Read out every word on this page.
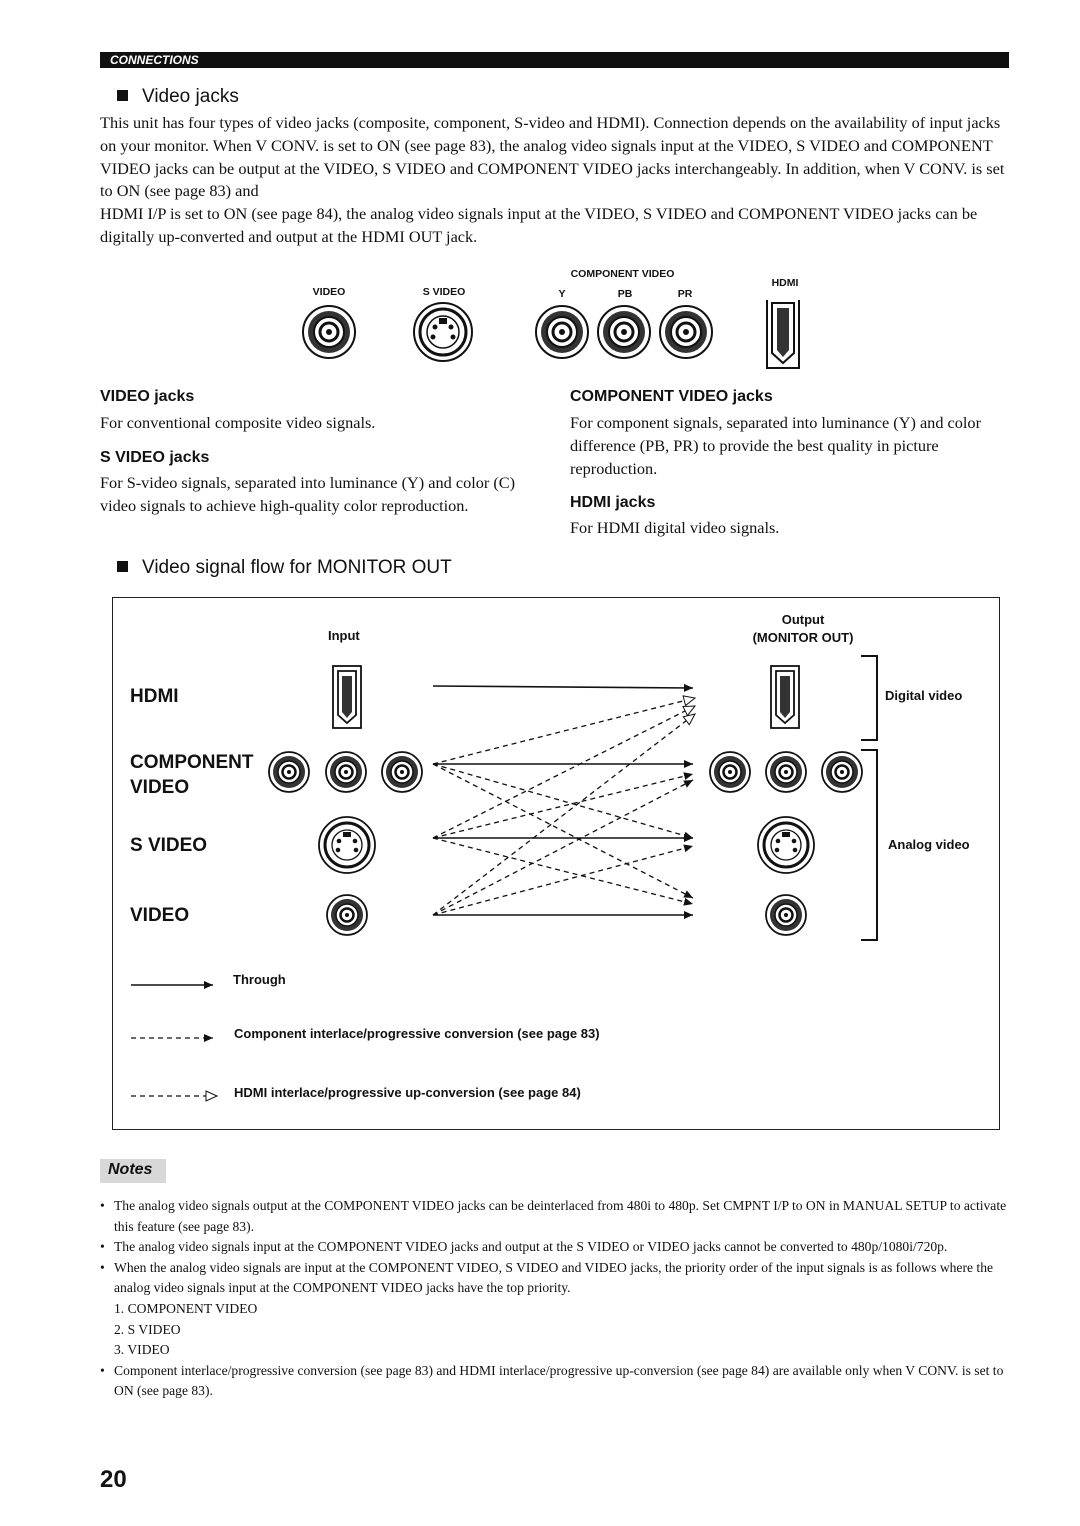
CONNECTIONS
Video jacks

This unit has four types of video jacks (composite, component, S-video and HDMI). Connection depends on the availability of input jacks on your monitor. When V CONV. is set to ON (see page 83), the analog video signals input at the VIDEO, S VIDEO and COMPONENT VIDEO jacks can be output at the VIDEO, S VIDEO and COMPONENT VIDEO jacks interchangeably. In addition, when V CONV. is set to ON (see page 83) and

HDMI I/P is set to ON (see page 84), the analog video signals input at the VIDEO, S VIDEO and COMPONENT VIDEO jacks can be digitally up-converted and output at the HDMI OUT jack.

VIDEO	S VIDEO
COMPONENT VIDEO
Y	PB	PR
HDMI
VIDEO jacks

For conventional composite video signals.

S VIDEO jacks

For S-video signals, separated into luminance (Y) and color (C) video signals to achieve high-quality color reproduction.

COMPONENT VIDEO jacks

For component signals, separated into luminance (Y) and color difference (PB, PR) to provide the best quality in picture reproduction.

HDMI jacks

For HDMI digital video signals.

Video signal flow for MONITOR OUT
Input
Output
(MONITOR OUT)
HDMI
COMPONENT
VIDEO
S VIDEO
VIDEO
Digital video
Analog video
Through
Component interlace/progressive conversion (see page 83)
HDMI interlace/progressive up-conversion (see page 84)
Notes

• The analog video signals output at the COMPONENT VIDEO jacks can be deinterlaced from 480i to 480p. Set CMPNT I/P to ON in MANUAL SETUP to activate this feature (see page 83).

• The analog video signals input at the COMPONENT VIDEO jacks and output at the S VIDEO or VIDEO jacks cannot be converted to 480p/1080i/720p.

• When the analog video signals are input at the COMPONENT VIDEO, S VIDEO and VIDEO jacks, the priority order of the input signals is as follows where the analog video signals input at the COMPONENT VIDEO jacks have the top priority.

1. COMPONENT VIDEO

2. S VIDEO

3. VIDEO

• Component interlace/progressive conversion (see page 83) and HDMI interlace/progressive up-conversion (see page 84) are available only when V CONV. is set to ON (see page 83).

20
